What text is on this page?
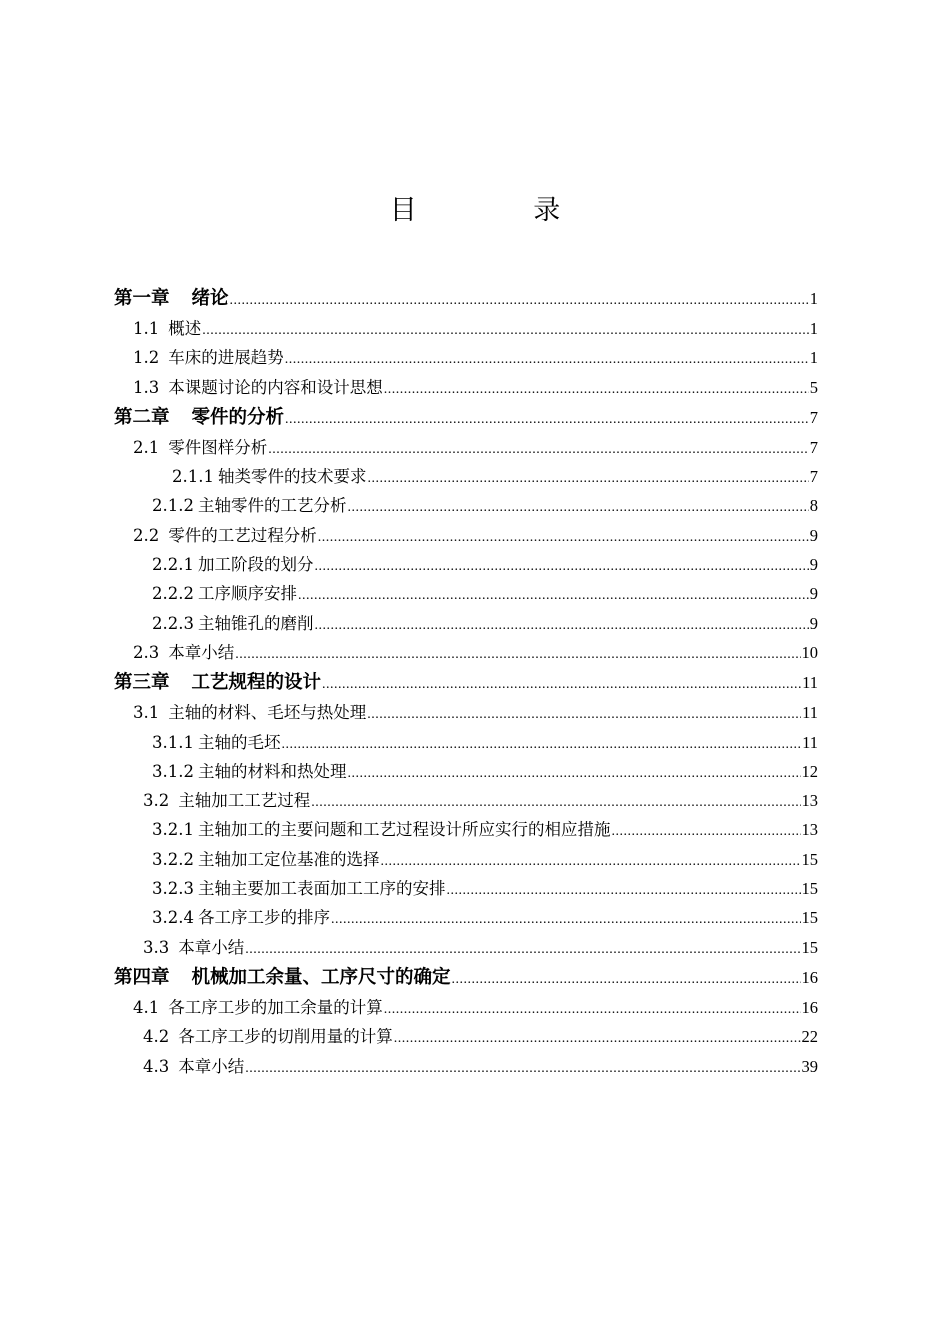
目 录
第一章 绪论 .....	1
1.1 概述 .....	1
1.2 车床的进展趋势 .....	1
1.3 本课题讨论的内容和设计思想 .....	5
第二章 零件的分析 .....	7
2.1 零件图样分析 .....	7
2.1.1 轴类零件的技术要求 .....	7
2.1.2 主轴零件的工艺分析 .....	8
2.2 零件的工艺过程分析 .....	9
2.2.1 加工阶段的划分 .....	9
2.2.2 工序顺序安排 .....	9
2.2.3 主轴锥孔的磨削 .....	9
2.3 本章小结 .....	10
第三章 工艺规程的设计 .....	11
3.1 主轴的材料、毛坯与热处理 .....	11
3.1.1 主轴的毛坯 .....	11
3.1.2 主轴的材料和热处理 .....	12
3.2 主轴加工工艺过程 .....	13
3.2.1 主轴加工的主要问题和工艺过程设计所应实行的相应措施 .....	13
3.2.2 主轴加工定位基准的选择 .....	15
3.2.3 主轴主要加工表面加工工序的安排 .....	15
3.2.4 各工序工步的排序 .....	15
3.3 本章小结 .....	15
第四章 机械加工余量、工序尺寸的确定 .....	16
4.1 各工序工步的加工余量的计算 .....	16
4.2 各工序工步的切削用量的计算 .....	22
4.3 本章小结 .....	39
